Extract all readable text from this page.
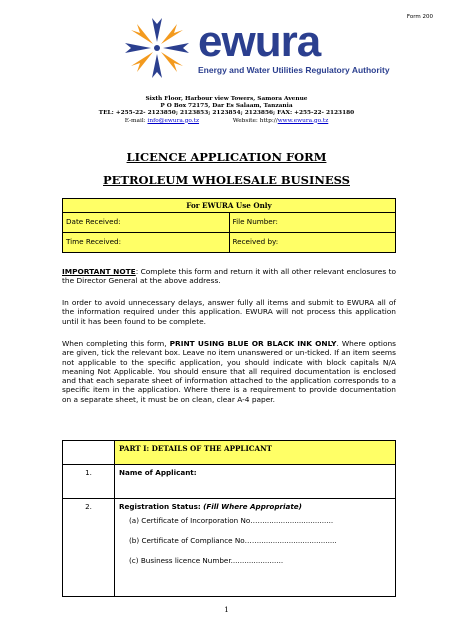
Form 200
ewura
Energy and Water Utilities Regulatory Authority
Sixth Floor, Harbour view Towers, Samora Avenue
P O Box 72175, Dar Es Salaam, Tanzania
TEL: +255-22- 2123850; 2123853; 2123854; 2123856; FAX: +255-22- 2123180
E-mail: info@ewura.go.tz	Website: http://www.ewura.go.tz
LICENCE APPLICATION FORM
PETROLEUM WHOLESALE BUSINESS
For EWURA Use Only
Date Received:	File Number:
Time Received:	Received by:
IMPORTANT NOTE: Complete this form and return it with all other relevant enclosures to the Director General at the above address.
In order to avoid unnecessary delays, answer fully all items and submit to EWURA all of the information required under this application. EWURA will not process this application until it has been found to be complete.
When completing this form, PRINT USING BLUE OR BLACK INK ONLY. Where options are given, tick the relevant box. Leave no item unanswered or un-ticked. If an item seems not applicable to the specific application, you should indicate with block capitals N/A meaning Not Applicable. You should ensure that all required documentation is enclosed and that each separate sheet of information attached to the application corresponds to a specific item in the application. Where there is a requirement to provide documentation on a separate sheet, it must be on clean, clear A-4 paper.
	PART I: DETAILS OF THE APPLICANT
1.	Name of Applicant:
2.	Registration Status: (Fill Where Appropriate)
(a) Certificate of Incorporation No……..............................
(b) Certificate of Compliance No……..................................
(c) Business licence Number.......................
1
